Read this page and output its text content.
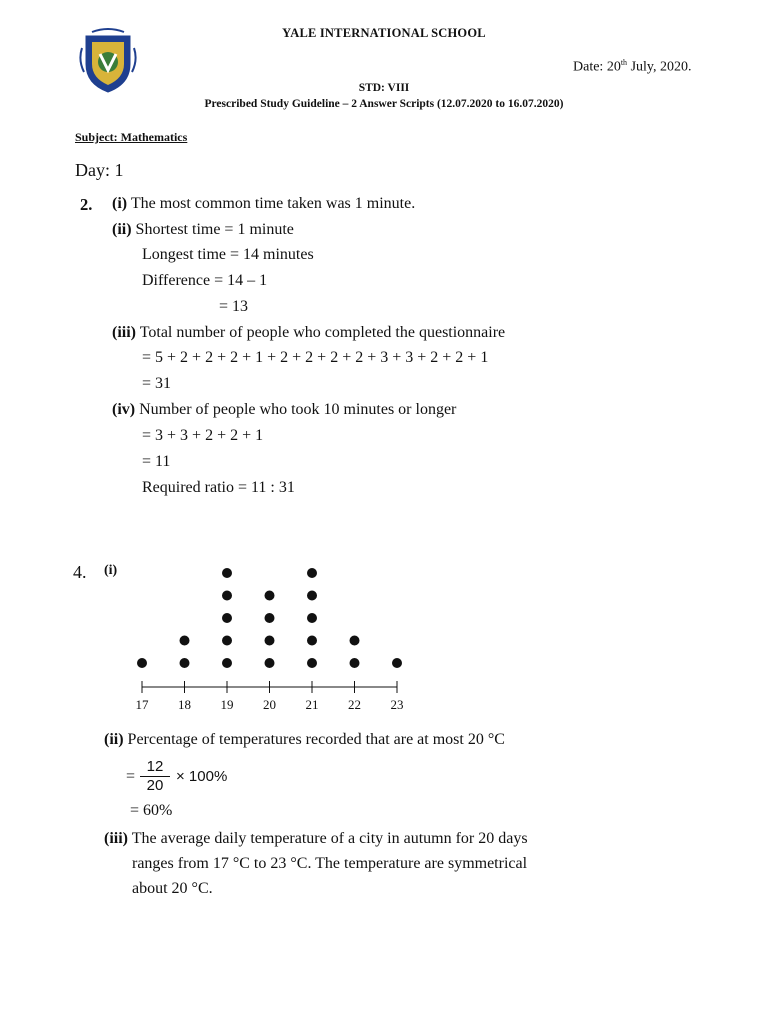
YALE INTERNATIONAL SCHOOL
Date: 20th July, 2020.
STD: VIII
Prescribed Study Guideline – 2 Answer Scripts (12.07.2020 to 16.07.2020)
Subject: Mathematics
Day: 1
2. (i) The most common time taken was 1 minute.
(ii) Shortest time = 1 minute
Longest time = 14 minutes
Difference = 14 – 1
= 13
(iii) Total number of people who completed the questionnaire
= 5 + 2 + 2 + 2 + 1 + 2 + 2 + 2 + 2 + 3 + 3 + 2 + 2 + 1
= 31
(iv) Number of people who took 10 minutes or longer
= 3 + 3 + 2 + 2 + 1
= 11
Required ratio = 11 : 31
4. (i)
17 18 19 20 21 22 23
(ii) Percentage of temperatures recorded that are at most 20 °C
= $\frac{12}{20} \times 100\%$
= 60%
(iii) The average daily temperature of a city in autumn for 20 days
ranges from 17 °C to 23 °C. The temperature are symmetrical
about 20 °C.
